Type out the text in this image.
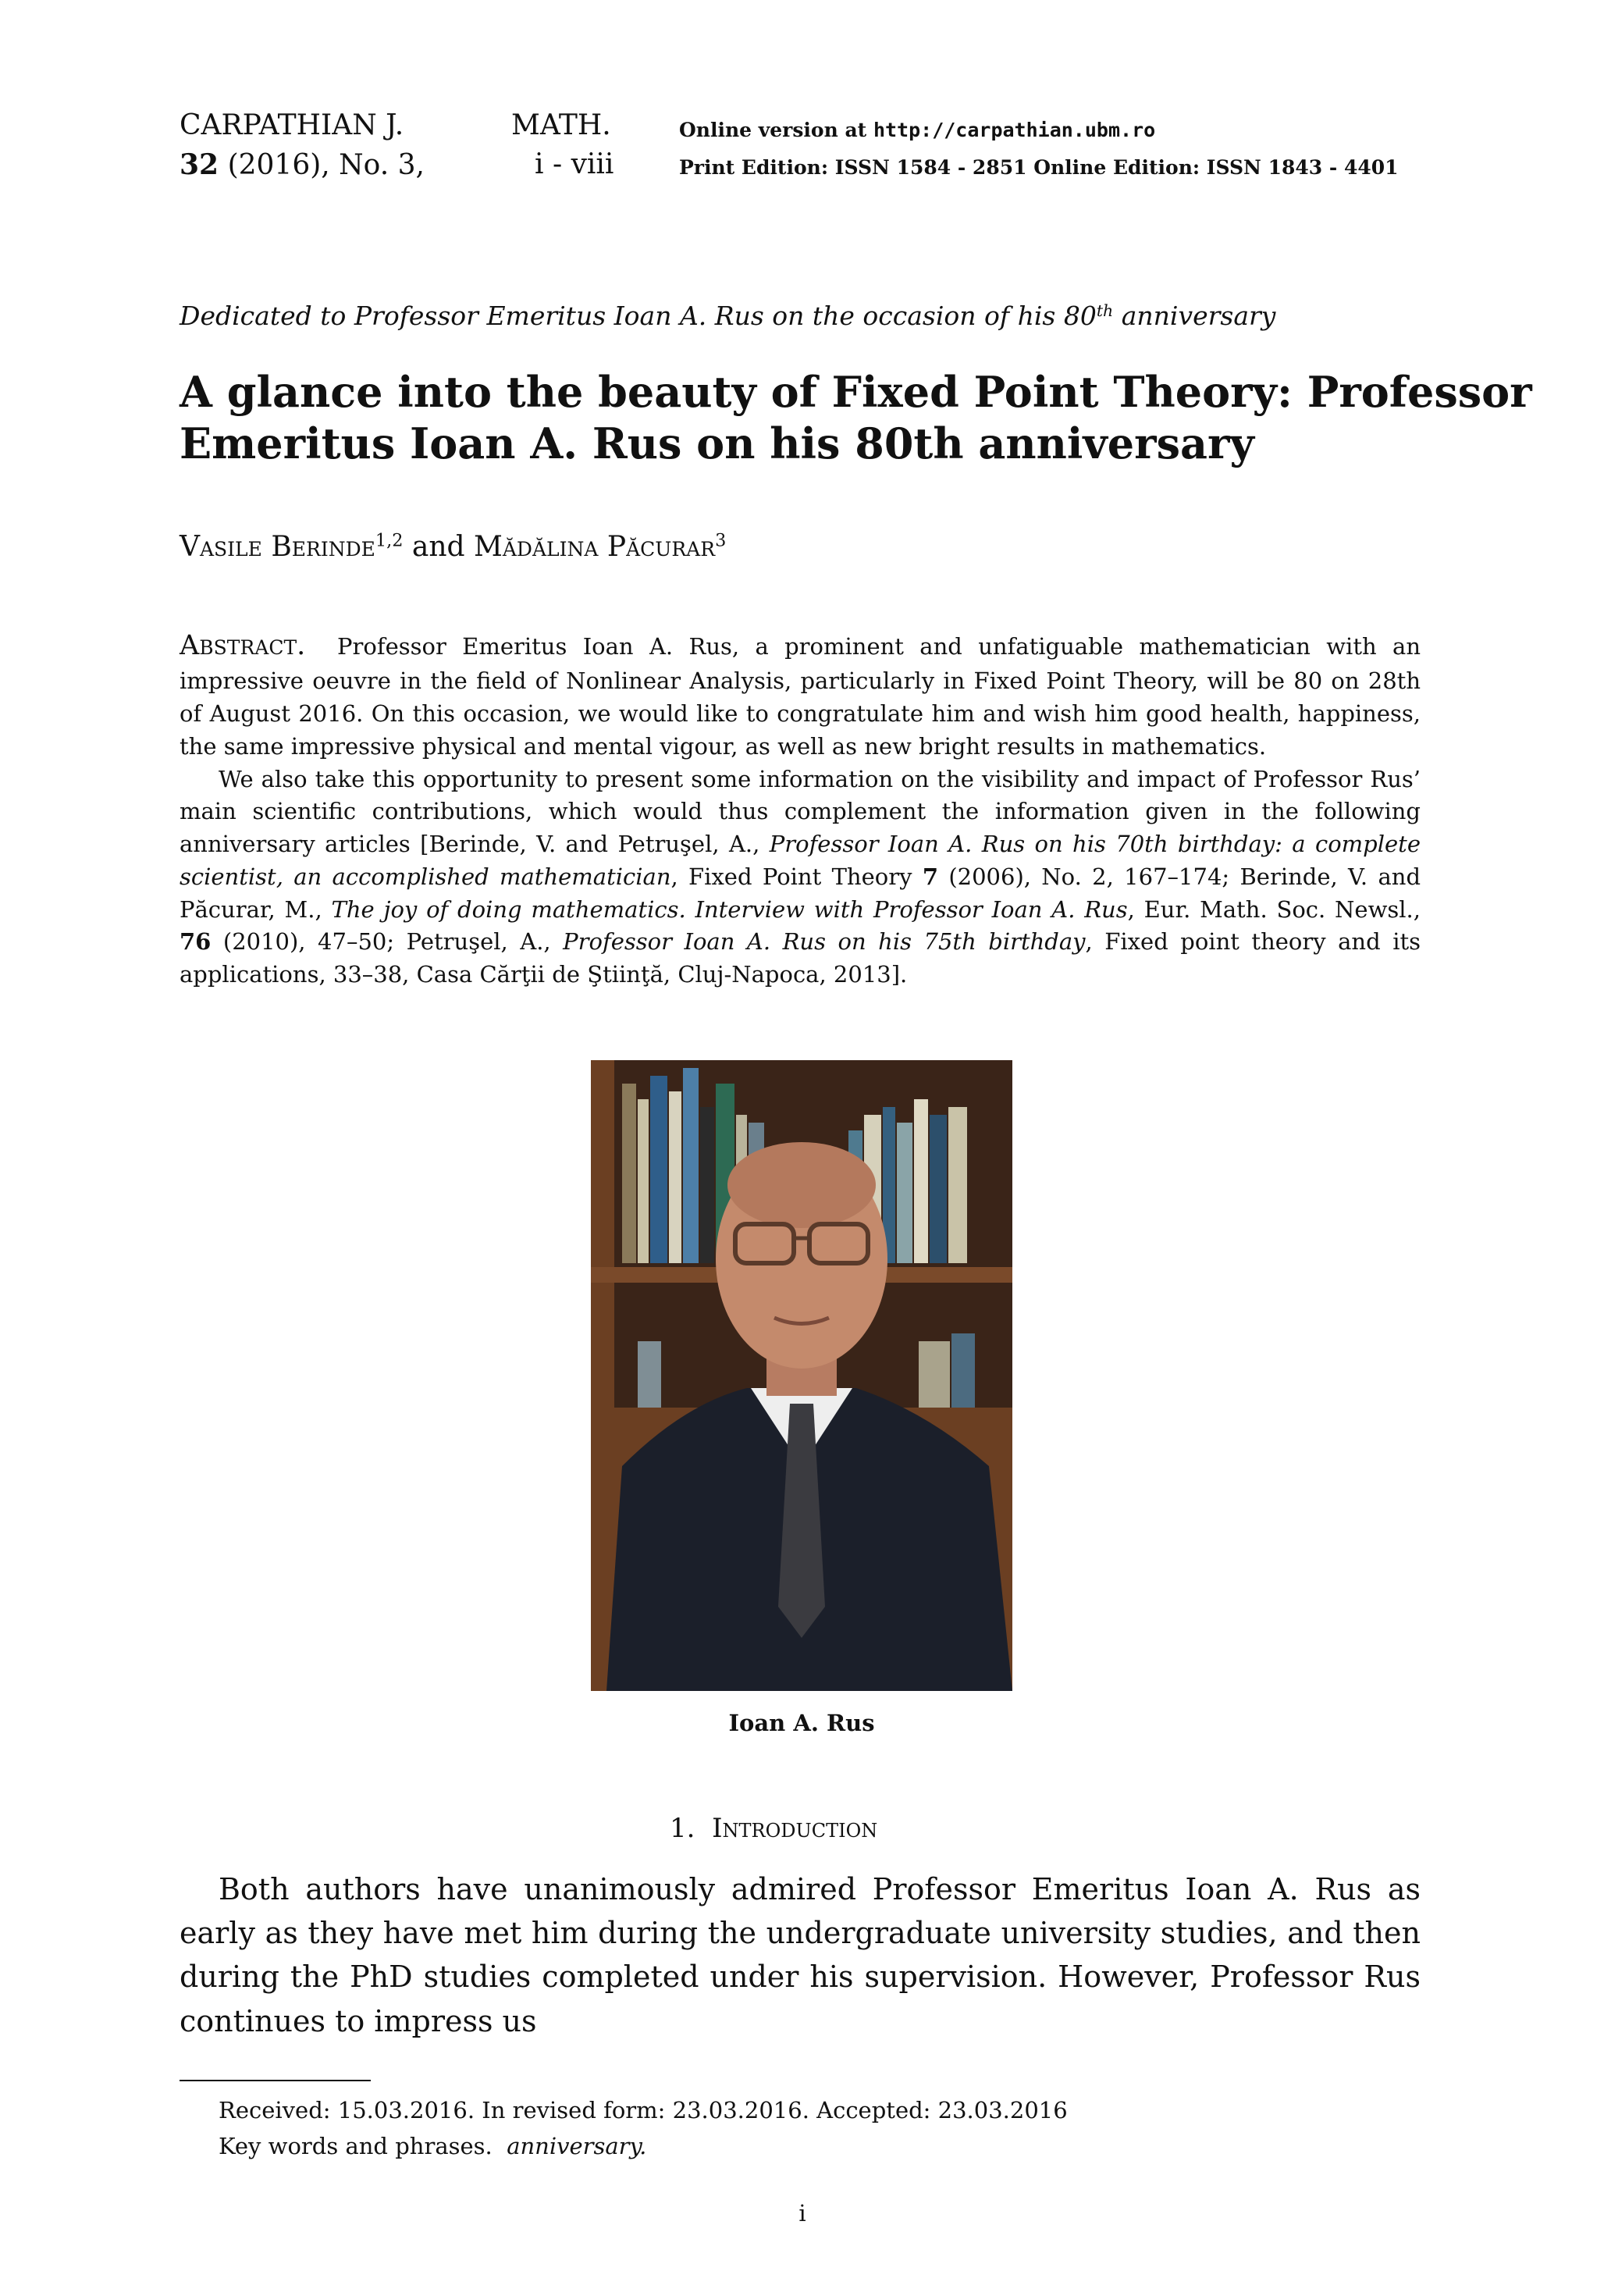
CARPATHIAN J.	MATH.
32 (2016), No. 3,	i - viii
Online version at http://carpathian.ubm.ro
Print Edition: ISSN 1584 - 2851 Online Edition: ISSN 1843 - 4401
Dedicated to Professor Emeritus Ioan A. Rus on the occasion of his 80th anniversary
A glance into the beauty of Fixed Point Theory: Professor Emeritus Ioan A. Rus on his 80th anniversary
Vasile Berinde$^{1,2}$ and Mădălina Păcurar$^3$

Abstract. Professor Emeritus Ioan A. Rus, a prominent and unfatiguable mathematician with an impressive oeuvre in the field of Nonlinear Analysis, particularly in Fixed Point Theory, will be 80 on 28th of August 2016. On this occasion, we would like to congratulate him and wish him good health, happiness, the same impressive physical and mental vigour, as well as new bright results in mathematics.

We also take this opportunity to present some information on the visibility and impact of Professor Rus’ main scientific contributions, which would thus complement the information given in the following anniversary articles [Berinde, V. and Petruşel, A., Professor Ioan A. Rus on his 70th birthday: a complete scientist, an accomplished mathematician, Fixed Point Theory 7 (2006), No. 2, 167–174; Berinde, V. and Păcurar, M., The joy of doing mathematics. Interview with Professor Ioan A. Rus, Eur. Math. Soc. Newsl., 76 (2010), 47–50; Petruşel, A., Professor Ioan A. Rus on his 75th birthday, Fixed point theory and its applications, 33–38, Casa Cărţii de Ştiinţă, Cluj-Napoca, 2013].

Ioan A. Rus
1. Introduction
Both authors have unanimously admired Professor Emeritus Ioan A. Rus as early as they have met him during the undergraduate university studies, and then during the PhD studies completed under his supervision. However, Professor Rus continues to impress us
Received: 15.03.2016. In revised form: 23.03.2016. Accepted: 23.03.2016
Key words and phrases. anniversary.
i
